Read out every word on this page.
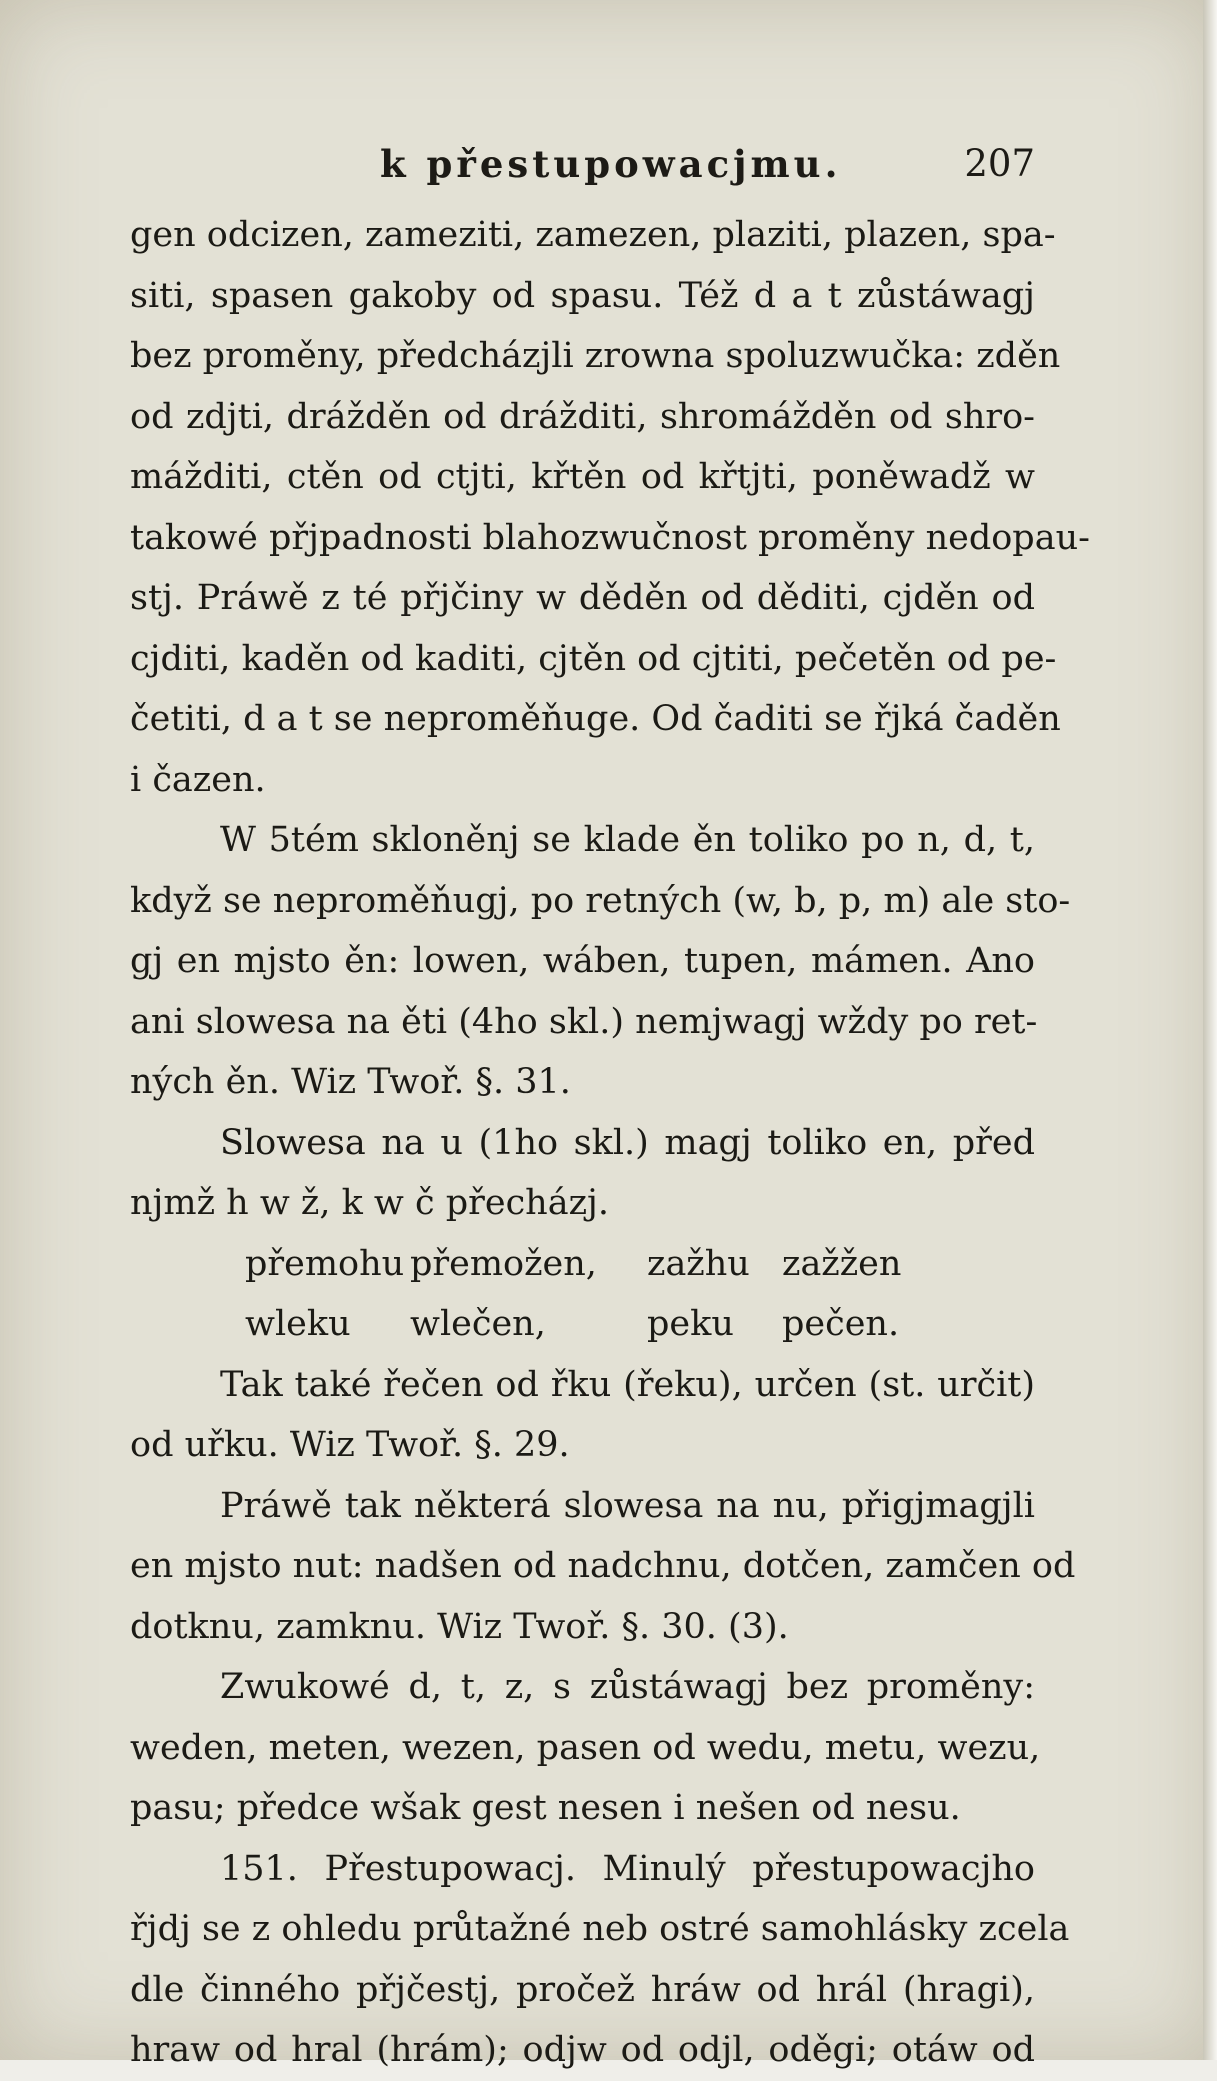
k přestupowacjmu.	207
gen odcizen, zameziti, zamezen, plaziti, plazen, spa-
siti, spasen gakoby od spasu. Též d a t zůstáwagj
bez proměny, předcházjli zrowna spoluzwučka: zděn
od zdjti, drážděn od drážditi, shromážděn od shro-
mážditi, ctěn od ctjti, křtěn od křtjti, poněwadž w
takowé přjpadnosti blahozwučnost proměny nedopau-
stj. Práwě z té přjčiny w děděn od děditi, cjděn od
cjditi, kaděn od kaditi, cjtěn od cjtiti, pečetěn od pe-
četiti, d a t se neproměňuge. Od čaditi se řjká čaděn
i čazen.
W 5tém skloněnj se klade ěn toliko po n, d, t,
když se neproměňugj, po retných (w, b, p, m) ale sto-
gj en mjsto ěn: lowen, wáben, tupen, mámen. Ano
ani slowesa na ěti (4ho skl.) nemjwagj wždy po ret-
ných ěn. Wiz Twoř. §. 31.
Slowesa na u (1ho skl.) magj toliko en, před
njmž h w ž, k w č přecházj.
přemohu přemožen,	zažhu zažžen
wleku	wlečen,	peku	pečen.
Tak také řečen od řku (řeku), určen (st. určit)
od uřku. Wiz Twoř. §. 29.
Práwě tak některá slowesa na nu, přigjmagjli
en mjsto nut: nadšen od nadchnu, dotčen, zamčen od
dotknu, zamknu. Wiz Twoř. §. 30. (3).
Zwukowé d, t, z, s zůstáwagj bez proměny:
weden, meten, wezen, pasen od wedu, metu, wezu,
pasu; předce wšak gest nesen i nešen od nesu.
151. Přestupowacj. Minulý přestupowacjho
řjdj se z ohledu průtažné neb ostré samohlásky zcela
dle činného přjčestj, pročež hráw od hrál (hragi),
hraw od hral (hrám); odjw od odjl, oděgi; otáw od
